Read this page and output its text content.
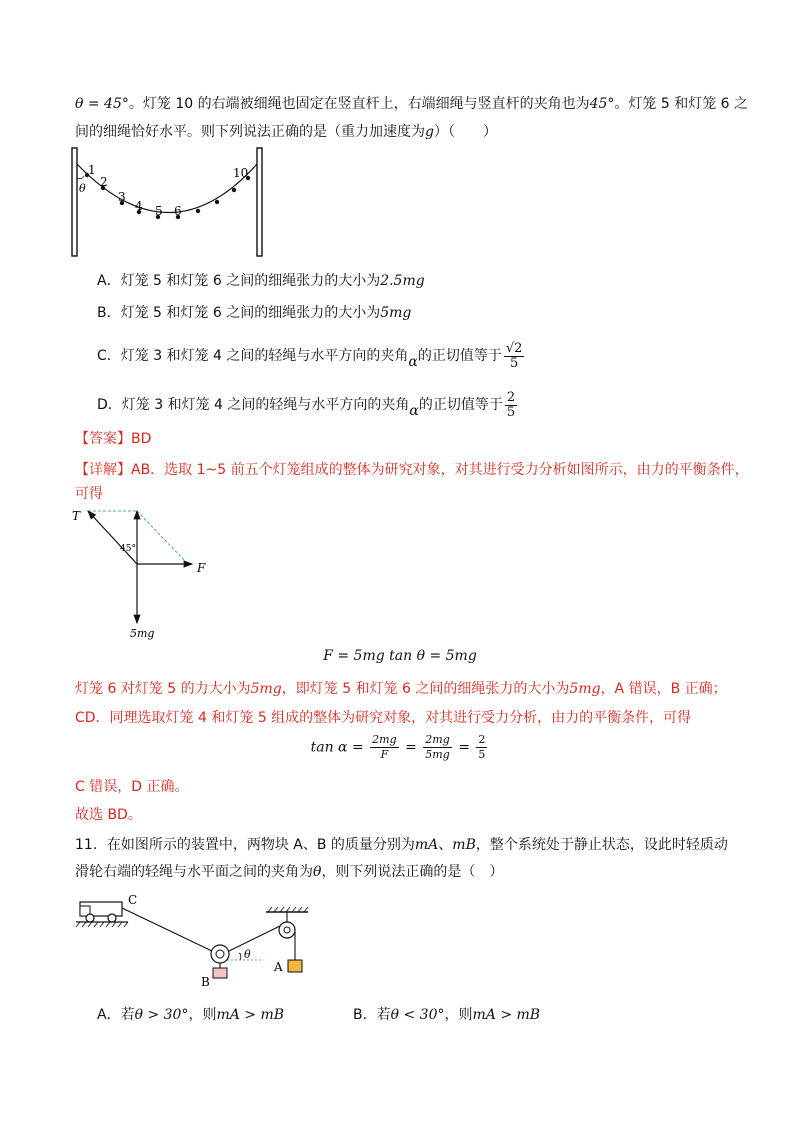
θ = 45°。灯笼 10 的右端被细绳也固定在竖直杆上，右端细绳与竖直杆的夹角也为45°。灯笼 5 和灯笼 6 之
间的细绳恰好水平。则下列说法正确的是（重力加速度为g）（　　）
1
2
3
4 5 6
10
θ
A．灯笼 5 和灯笼 6 之间的细绳张力的大小为2.5mg
B．灯笼 5 和灯笼 6 之间的细绳张力的大小为5mg
C．灯笼 3 和灯笼 4 之间的轻绳与水平方向的夹角α的正切值等于 $\frac{√2}{5}$
D．灯笼 3 和灯笼 4 之间的轻绳与水平方向的夹角α的正切值等于 $\frac{2}{5}$
【答案】BD
【详解】AB．选取 1~5 前五个灯笼组成的整体为研究对象，对其进行受力分析如图所示，由力的平衡条件，
可得
T
F
45°
5mg
F = 5mg tan θ = 5mg
灯笼 6 对灯笼 5 的力大小为5mg，即灯笼 5 和灯笼 6 之间的细绳张力的大小为5mg，A 错误，B 正确；
CD．同理选取灯笼 4 和灯笼 5 组成的整体为研究对象，对其进行受力分析，由力的平衡条件，可得
$\tan \alpha = \frac{2mg}{F} = \frac{2mg}{5mg} = \frac{2}{5}$
C 错误，D 正确。
故选 BD。
11．在如图所示的装置中，两物块 A、B 的质量分别为mA、mB，整个系统处于静止状态，设此时轻质动
滑轮右端的轻绳与水平面之间的夹角为θ，则下列说法正确的是（　）
C
θ
B
A
A．若θ > 30°，则mA > mB	B．若θ < 30°，则mA > mB
